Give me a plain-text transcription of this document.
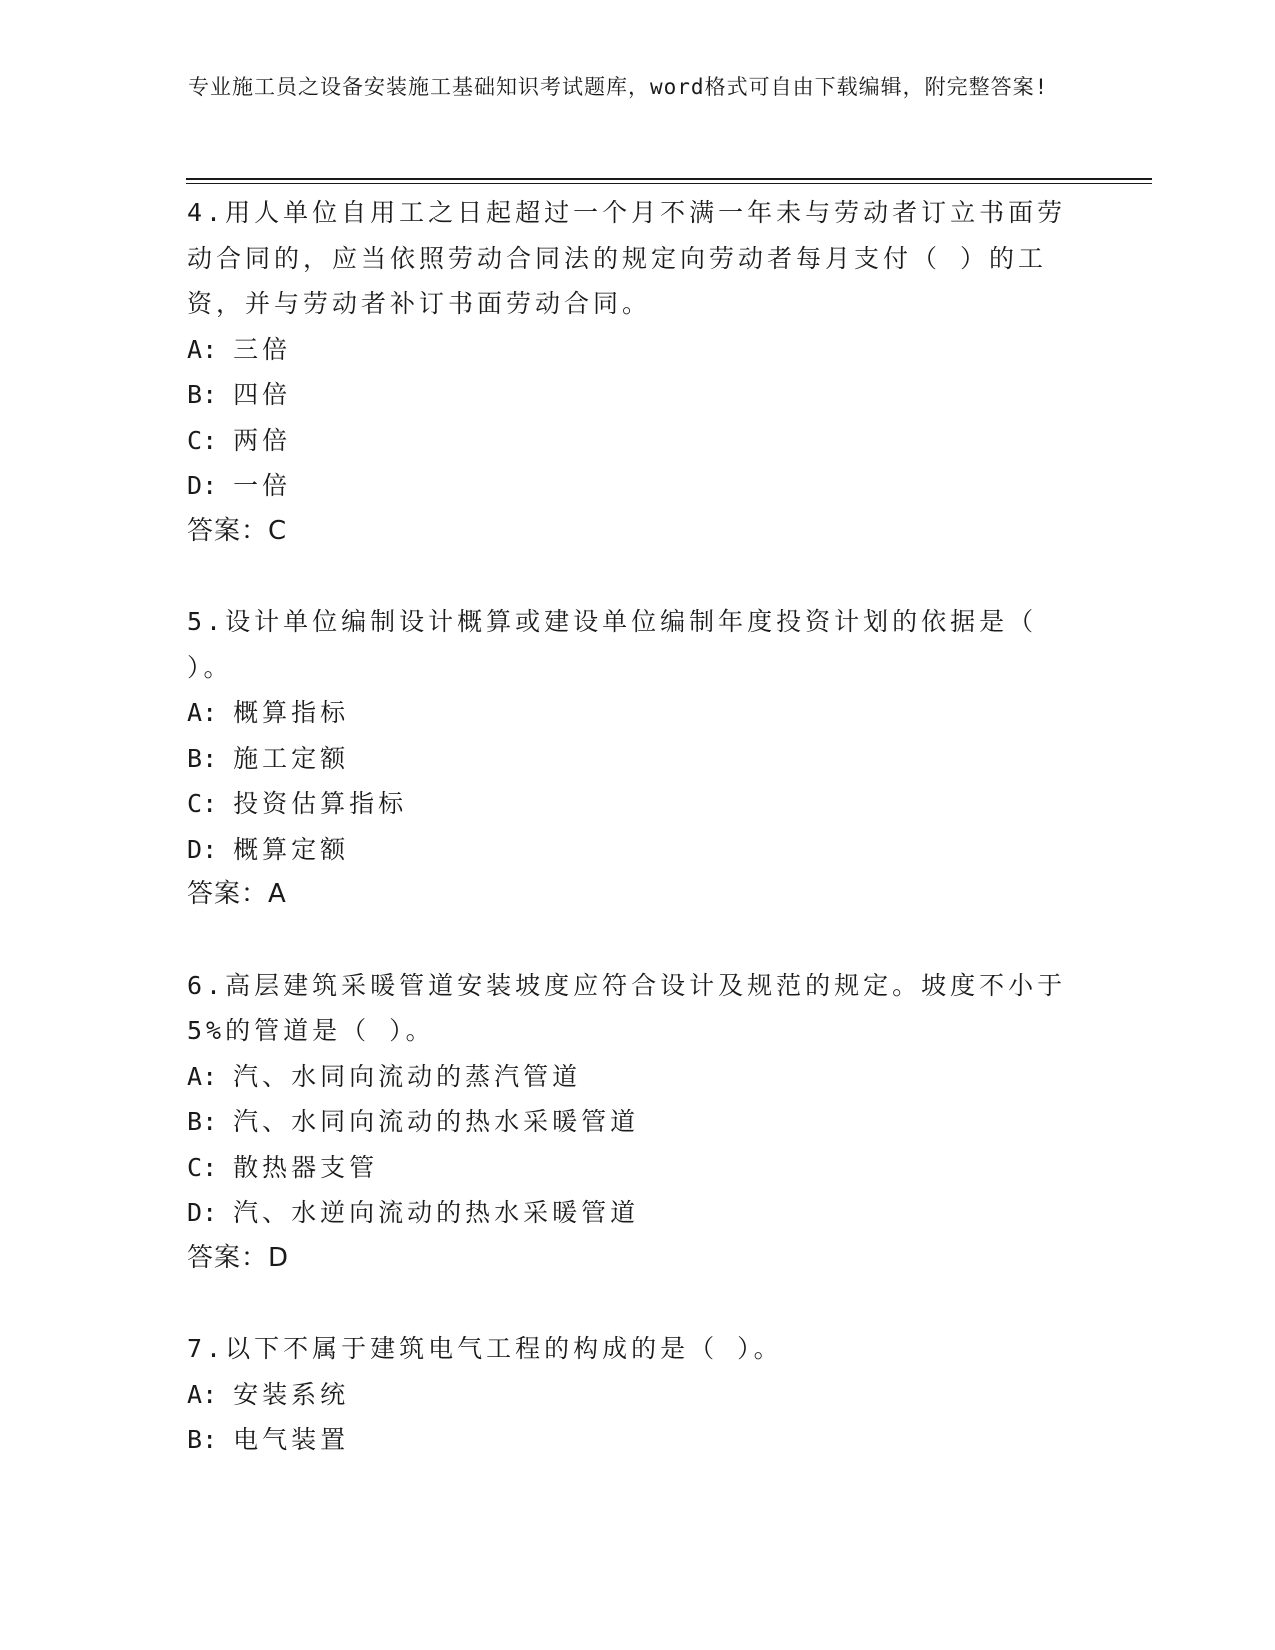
专业施工员之设备安装施工基础知识考试题库，word格式可自由下载编辑，附完整答案!

4.用人单位自用工之日起超过一个月不满一年未与劳动者订立书面劳动合同的，应当依照劳动合同法的规定向劳动者每月支付（ ）的工资，并与劳动者补订书面劳动合同。

A: 三倍
B: 四倍
C: 两倍
D: 一倍

答案：C

5.设计单位编制设计概算或建设单位编制年度投资计划的依据是（ ）。

A: 概算指标
B: 施工定额
C: 投资估算指标
D: 概算定额

答案：A

6.高层建筑采暖管道安装坡度应符合设计及规范的规定。坡度不小于5%的管道是（ ）。

A: 汽、水同向流动的蒸汽管道
B: 汽、水同向流动的热水采暖管道
C: 散热器支管
D: 汽、水逆向流动的热水采暖管道

答案：D

7.以下不属于建筑电气工程的构成的是（ ）。

A: 安装系统
B: 电气装置
